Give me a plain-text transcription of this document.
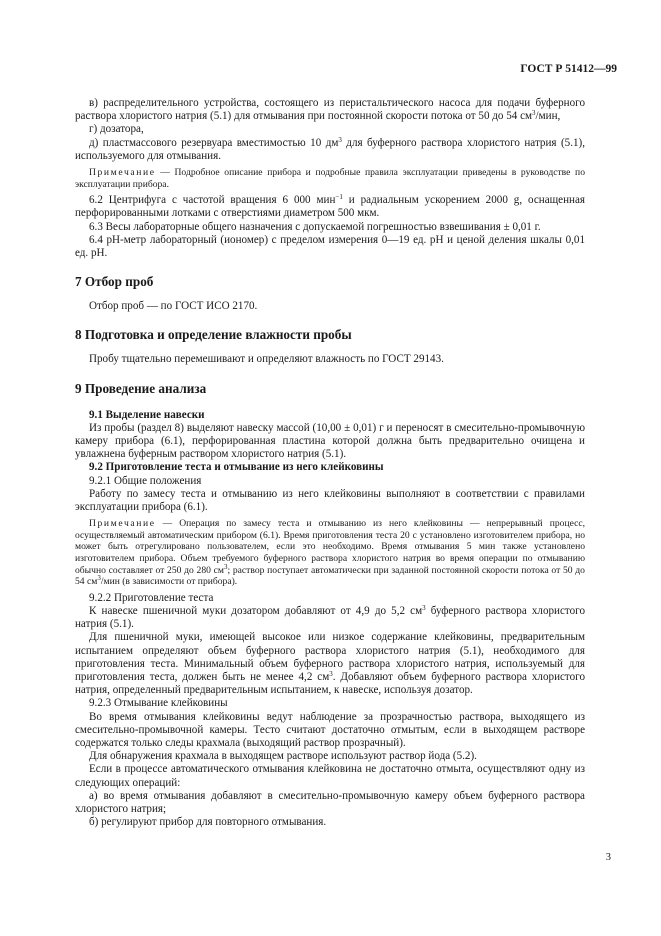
ГОСТ Р 51412—99

в) распределительного устройства, состоящего из перистальтического насоса для подачи буферного раствора хлористого натрия (5.1) для отмывания при постоянной скорости потока от 50 до 54 $см^3$/мин,

г) дозатора,

д) пластмассового резервуара вместимостью 10 $дм^3$ для буферного раствора хлористого натрия (5.1), используемого для отмывания.

Примечание — Подробное описание прибора и подробные правила эксплуатации приведены в руководстве по эксплуатации прибора.

6.2 Центрифуга с частотой вращения 6 000 мин$^{-1}$ и радиальным ускорением 2000 g, оснащенная перфорированными лотками с отверстиями диаметром 500 мкм.

6.3 Весы лабораторные общего назначения с допускаемой погрешностью взвешивания ± 0,01 г.

6.4 рН-метр лабораторный (иономер) с пределом измерения 0—19 ед. рН и ценой деления шкалы 0,01 ед. рН.

7 Отбор проб

Отбор проб — по ГОСТ ИСО 2170.

8 Подготовка и определение влажности пробы

Пробу тщательно перемешивают и определяют влажность по ГОСТ 29143.

9 Проведение анализа
9.1 Выделение навески

Из пробы (раздел 8) выделяют навеску массой (10,00 ± 0,01) г и переносят в смесительно-промывочную камеру прибора (6.1), перфорированная пластина которой должна быть предварительно очищена и увлажнена буферным раствором хлористого натрия (5.1).

9.2 Приготовление теста и отмывание из него клейковины

9.2.1 Общие положения

Работу по замесу теста и отмыванию из него клейковины выполняют в соответствии с правилами эксплуатации прибора (6.1).

Примечание — Операция по замесу теста и отмыванию из него клейковины — непрерывный процесс, осуществляемый автоматическим прибором (6.1). Время приготовления теста 20 с установлено изготовителем прибора, но может быть отрегулировано пользователем, если это необходимо. Время отмывания 5 мин также установлено изготовителем прибора. Объем требуемого буферного раствора хлористого натрия во время операции по отмыванию обычно составляет от 250 до 280 $см^3$; раствор поступает автоматически при заданной постоянной скорости потока от 50 до 54 $см^3$/мин (в зависимости от прибора).

9.2.2 Приготовление теста

К навеске пшеничной муки дозатором добавляют от 4,9 до 5,2 $см^3$ буферного раствора хлористого натрия (5.1).

Для пшеничной муки, имеющей высокое или низкое содержание клейковины, предварительным испытанием определяют объем буферного раствора хлористого натрия (5.1), необходимого для приготовления теста. Минимальный объем буферного раствора хлористого натрия, используемый для приготовления теста, должен быть не менее 4,2 $см^3$. Добавляют объем буферного раствора хлористого натрия, определенный предварительным испытанием, к навеске, используя дозатор.

9.2.3 Отмывание клейковины

Во время отмывания клейковины ведут наблюдение за прозрачностью раствора, выходящего из смесительно-промывочной камеры. Тесто считают достаточно отмытым, если в выходящем растворе содержатся только следы крахмала (выходящий раствор прозрачный).

Для обнаружения крахмала в выходящем растворе используют раствор йода (5.2).

Если в процессе автоматического отмывания клейковина не достаточно отмыта, осуществляют одну из следующих операций:

а) во время отмывания добавляют в смесительно-промывочную камеру объем буферного раствора хлористого натрия;

б) регулируют прибор для повторного отмывания.

3
